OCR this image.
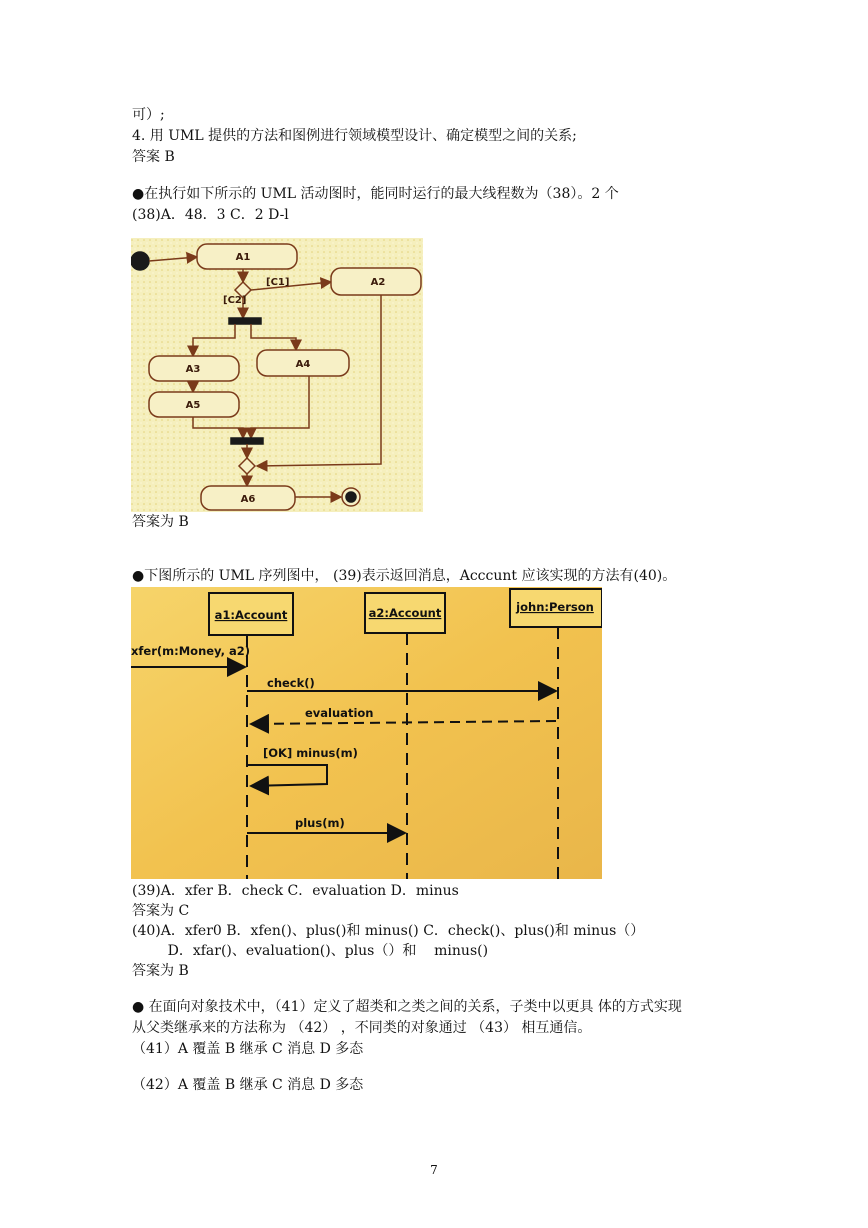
可）;
4. 用 UML 提供的方法和图例进行领域模型设计、确定模型之间的关系;
答案 B
●在执行如下所示的 UML 活动图时，能同时运行的最大线程数为（38）。2 个
(38)A．48．3 C．2 D-l
A1
A2
A3	A4
A5
A6
[C1]
[C2]
答案为 B
●下图所示的 UML 序列图中， (39)表示返回消息，Acccunt 应该实现的方法有(40)。
a1:Account	a2:Account	john:Person
xfer(m:Money, a2)
check()
evaluation
[OK] minus(m)
plus(m)
(39)A．xfer B．check C．evaluation D．minus
答案为 C
(40)A．xfer0 B．xfen()、plus()和 minus() C．check()、plus()和 minus（）
D．xfar()、evaluation()、plus（）和    minus()
答案为 B
● 在面向对象技术中，（41）定义了超类和之类之间的关系，子类中以更具 体的方式实现
从父类继承来的方法称为 （42） ，不同类的对象通过 （43） 相互通信。
（41）A 覆盖 B 继承 C 消息 D 多态
（42）A 覆盖 B 继承 C 消息 D 多态
7
